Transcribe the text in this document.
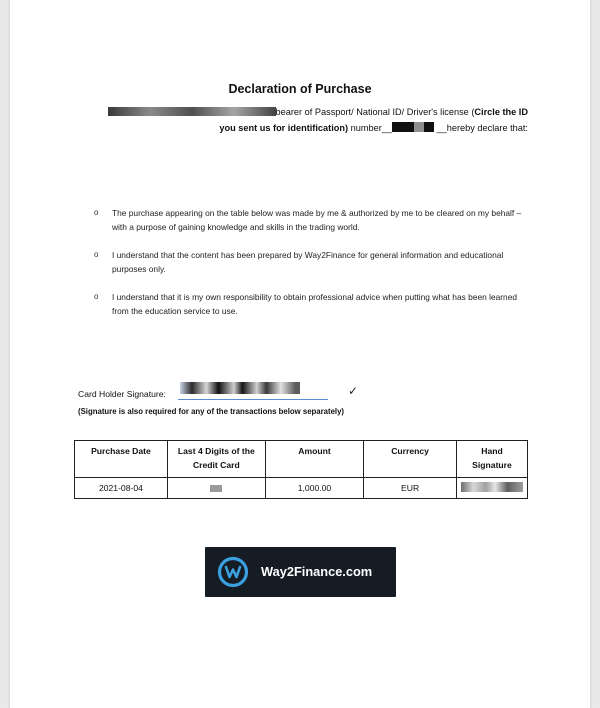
Declaration of Purchase
bearer of Passport/ National ID/ Driver's license (Circle the ID
you sent us for identification) number__	__hereby declare that:
o The purchase appearing on the table below was made by me & authorized by me to be cleared on my behalf – with a purpose of gaining knowledge and skills in the trading world.
o I understand that the content has been prepared by Way2Finance for general information and educational purposes only.
o I understand that it is my own responsibility to obtain professional advice when putting what has been learned from the education service to use.
Card Holder Signature:	✓
(Signature is also required for any of the transactions below separately)
Purchase Date	Last 4 Digits of the Credit Card	Amount	Currency	Hand Signature
2021-08-04		1,000.00	EUR	
Way2Finance.com
